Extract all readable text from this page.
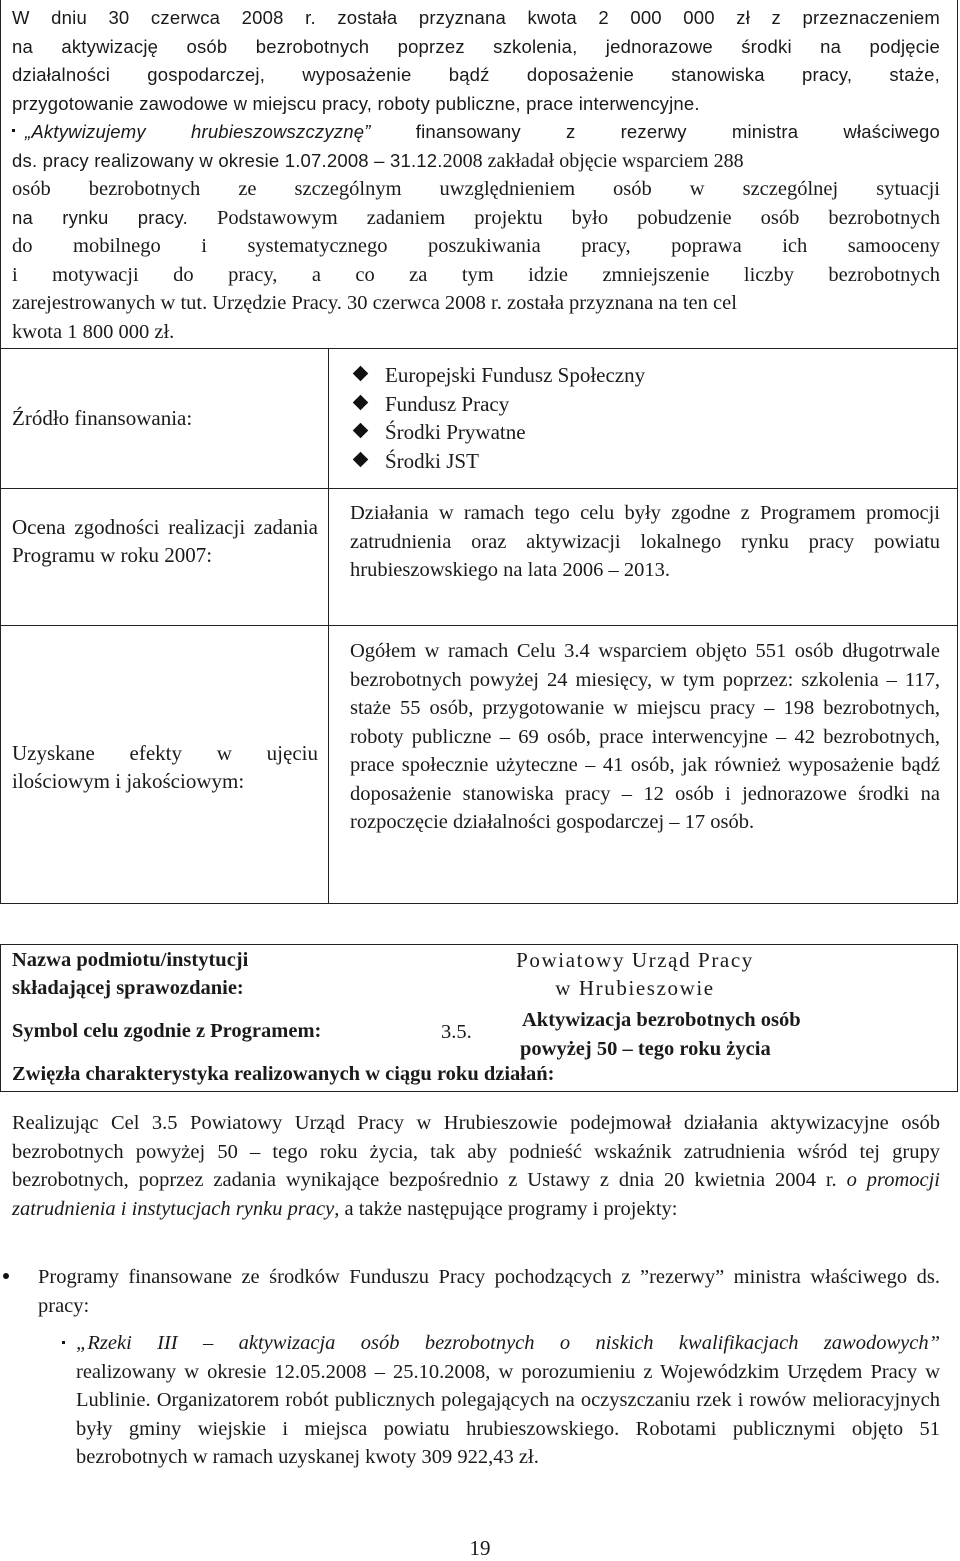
W dniu 30 czerwca 2008 r. została przyznana kwota 2 000 000 zł z przeznaczeniem
na aktywizację osób bezrobotnych poprzez szkolenia, jednorazowe środki na podjęcie
działalności gospodarczej, wyposażenie bądź doposażenie stanowiska pracy, staże,
przygotowanie zawodowe w miejscu pracy, roboty publiczne, prace interwencyjne.
„Aktywizujemy hrubieszowszczyznę” finansowany z rezerwy ministra właściwego
ds. pracy realizowany w okresie 1.07.2008 – 31.12.2008 zakładał objęcie wsparciem 288
osób bezrobotnych ze szczególnym uwzględnieniem osób w szczególnej sytuacji
na rynku pracy. Podstawowym zadaniem projektu było pobudzenie osób bezrobotnych
do mobilnego i systematycznego poszukiwania pracy, poprawa ich samooceny
i motywacji do pracy, a co za tym idzie zmniejszenie liczby bezrobotnych
zarejestrowanych w tut. Urzędzie Pracy. 30 czerwca 2008 r. została przyznana na ten cel
kwota 1 800 000 zł.
Źródło finansowania:
Europejski Fundusz Społeczny
Fundusz Pracy
Środki Prywatne
Środki JST
Ocena zgodności realizacji zadania Programu w roku 2007:
Działania w ramach tego celu były zgodne z Programem promocji zatrudnienia oraz aktywizacji lokalnego rynku pracy powiatu hrubieszowskiego na lata 2006 – 2013.
Uzyskane efekty w ujęciu ilościowym i jakościowym:
Ogółem w ramach Celu 3.4 wsparciem objęto 551 osób długotrwale bezrobotnych powyżej 24 miesięcy, w tym poprzez: szkolenia – 117, staże 55 osób, przygotowanie w miejscu pracy – 198 bezrobotnych, roboty publiczne – 69 osób, prace interwencyjne – 42 bezrobotnych, prace społecznie użyteczne – 41 osób, jak również wyposażenie bądź doposażenie stanowiska pracy – 12 osób i jednorazowe środki na rozpoczęcie działalności gospodarczej – 17 osób.
Nazwa podmiotu/instytucji
składającej sprawozdanie:
Powiatowy Urząd Pracy
w Hrubieszowie
Symbol celu zgodnie z Programem:	3.5.
Aktywizacja bezrobotnych osób
powyżej 50 – tego roku życia
Zwięzła charakterystyka realizowanych w ciągu roku działań:
Realizując Cel 3.5 Powiatowy Urząd Pracy w Hrubieszowie podejmował działania aktywizacyjne osób bezrobotnych powyżej 50 – tego roku życia, tak aby podnieść wskaźnik zatrudnienia wśród tej grupy bezrobotnych, poprzez zadania wynikające bezpośrednio z Ustawy z dnia 20 kwietnia 2004 r. o promocji zatrudnienia i instytucjach rynku pracy, a także następujące programy i projekty:
Programy finansowane ze środków Funduszu Pracy pochodzących z ”rezerwy” ministra właściwego ds. pracy:
„Rzeki III – aktywizacja osób bezrobotnych o niskich kwalifikacjach zawodowych”
realizowany w okresie 12.05.2008 – 25.10.2008, w porozumieniu z Wojewódzkim Urzędem Pracy w Lublinie. Organizatorem robót publicznych polegających na oczyszczaniu rzek i rowów melioracyjnych były gminy wiejskie i miejsca powiatu hrubieszowskiego. Robotami publicznymi objęto 51 bezrobotnych w ramach uzyskanej kwoty 309 922,43 zł.
19
